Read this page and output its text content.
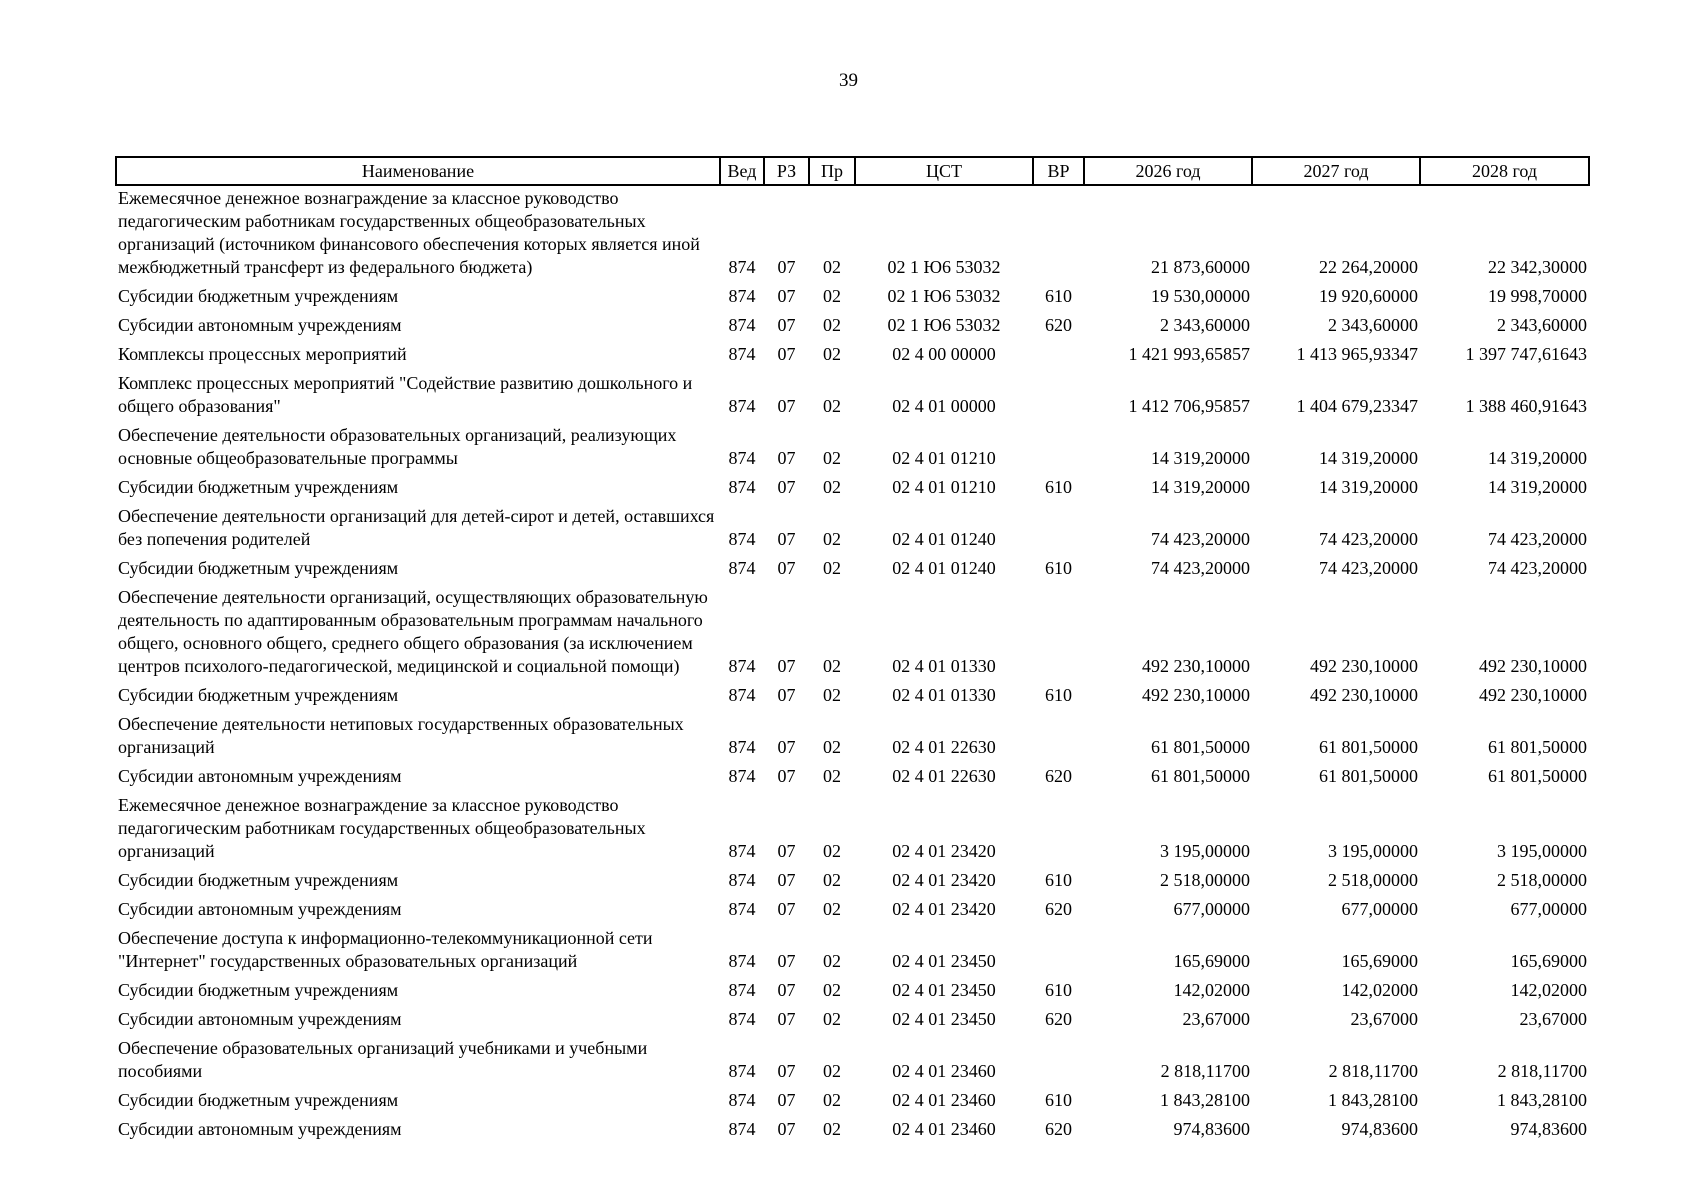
39
Наименование	Вед	РЗ	Пр	ЦСТ	ВР	2026 год	2027 год	2028 год
Ежемесячное денежное вознаграждение за классное руководство педагогическим работникам государственных общеобразовательных организаций (источником финансового обеспечения которых является иной межбюджетный трансферт из федерального бюджета)	874	07	02	02 1 Ю6 53032		21 873,60000	22 264,20000	22 342,30000
Субсидии бюджетным учреждениям	874	07	02	02 1 Ю6 53032	610	19 530,00000	19 920,60000	19 998,70000
Субсидии автономным учреждениям	874	07	02	02 1 Ю6 53032	620	2 343,60000	2 343,60000	2 343,60000
Комплексы процессных мероприятий	874	07	02	02 4 00 00000		1 421 993,65857	1 413 965,93347	1 397 747,61643
Комплекс процессных мероприятий "Содействие развитию дошкольного и общего образования"	874	07	02	02 4 01 00000		1 412 706,95857	1 404 679,23347	1 388 460,91643
Обеспечение деятельности образовательных организаций, реализующих основные общеобразовательные программы	874	07	02	02 4 01 01210		14 319,20000	14 319,20000	14 319,20000
Субсидии бюджетным учреждениям	874	07	02	02 4 01 01210	610	14 319,20000	14 319,20000	14 319,20000
Обеспечение деятельности организаций для детей-сирот и детей, оставшихся без попечения родителей	874	07	02	02 4 01 01240		74 423,20000	74 423,20000	74 423,20000
Субсидии бюджетным учреждениям	874	07	02	02 4 01 01240	610	74 423,20000	74 423,20000	74 423,20000
Обеспечение деятельности организаций, осуществляющих образовательную деятельность по адаптированным образовательным программам начального общего, основного общего, среднего общего образования (за исключением центров психолого-педагогической, медицинской и социальной помощи)	874	07	02	02 4 01 01330		492 230,10000	492 230,10000	492 230,10000
Субсидии бюджетным учреждениям	874	07	02	02 4 01 01330	610	492 230,10000	492 230,10000	492 230,10000
Обеспечение деятельности нетиповых государственных образовательных организаций	874	07	02	02 4 01 22630		61 801,50000	61 801,50000	61 801,50000
Субсидии автономным учреждениям	874	07	02	02 4 01 22630	620	61 801,50000	61 801,50000	61 801,50000
Ежемесячное денежное вознаграждение за классное руководство педагогическим работникам государственных общеобразовательных организаций	874	07	02	02 4 01 23420		3 195,00000	3 195,00000	3 195,00000
Субсидии бюджетным учреждениям	874	07	02	02 4 01 23420	610	2 518,00000	2 518,00000	2 518,00000
Субсидии автономным учреждениям	874	07	02	02 4 01 23420	620	677,00000	677,00000	677,00000
Обеспечение доступа к информационно-телекоммуникационной сети "Интернет" государственных образовательных организаций	874	07	02	02 4 01 23450		165,69000	165,69000	165,69000
Субсидии бюджетным учреждениям	874	07	02	02 4 01 23450	610	142,02000	142,02000	142,02000
Субсидии автономным учреждениям	874	07	02	02 4 01 23450	620	23,67000	23,67000	23,67000
Обеспечение образовательных организаций учебниками и учебными пособиями	874	07	02	02 4 01 23460		2 818,11700	2 818,11700	2 818,11700
Субсидии бюджетным учреждениям	874	07	02	02 4 01 23460	610	1 843,28100	1 843,28100	1 843,28100
Субсидии автономным учреждениям	874	07	02	02 4 01 23460	620	974,83600	974,83600	974,83600
